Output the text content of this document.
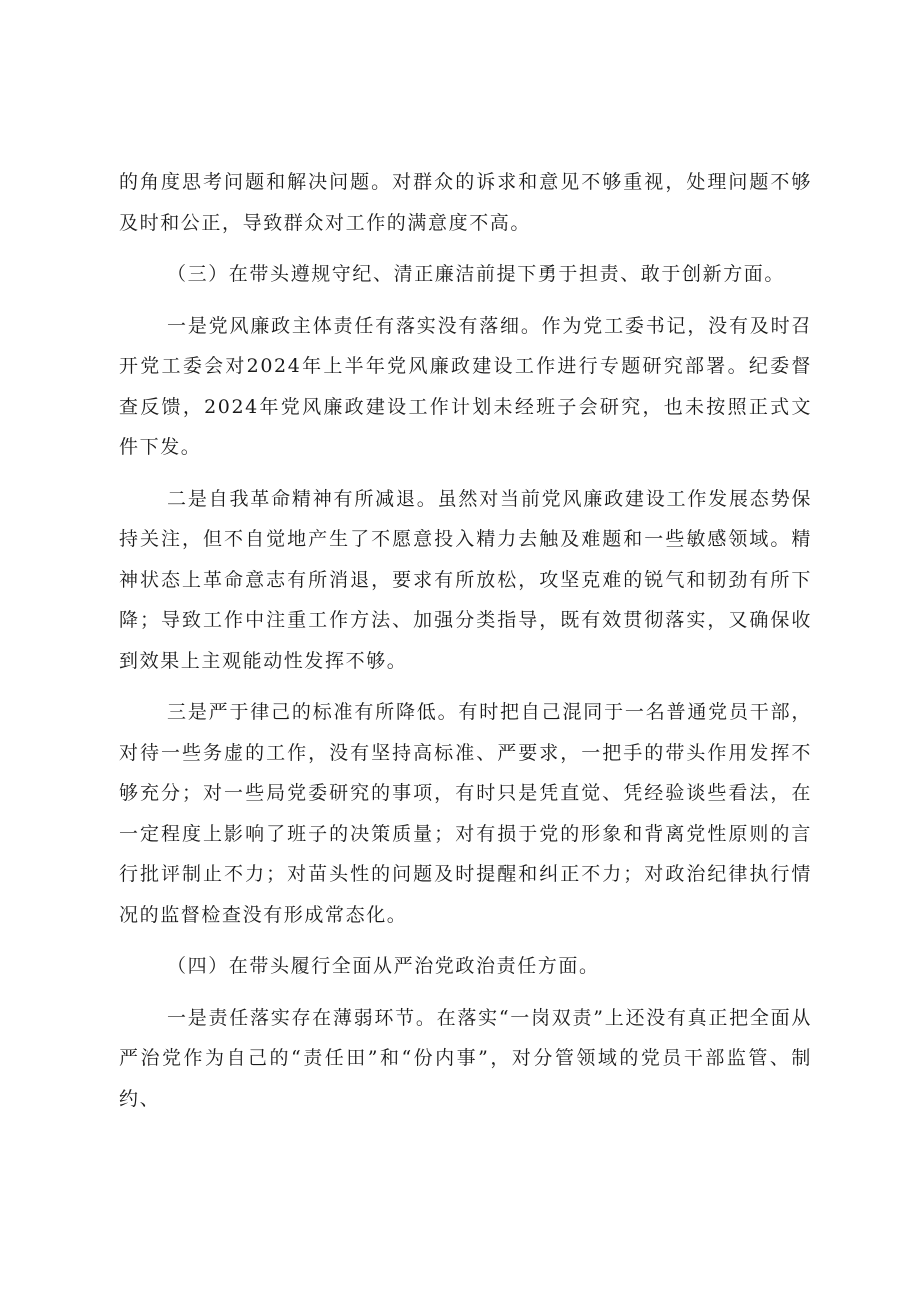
的角度思考问题和解决问题。对群众的诉求和意见不够重视，处理问题不够及时和公正，导致群众对工作的满意度不高。

（三）在带头遵规守纪、清正廉洁前提下勇于担责、敢于创新方面。

一是党风廉政主体责任有落实没有落细。作为党工委书记，没有及时召开党工委会对2024年上半年党风廉政建设工作进行专题研究部署。纪委督查反馈，2024年党风廉政建设工作计划未经班子会研究，也未按照正式文件下发。

二是自我革命精神有所减退。虽然对当前党风廉政建设工作发展态势保持关注，但不自觉地产生了不愿意投入精力去触及难题和一些敏感领域。精神状态上革命意志有所消退，要求有所放松，攻坚克难的锐气和韧劲有所下降；导致工作中注重工作方法、加强分类指导，既有效贯彻落实，又确保收到效果上主观能动性发挥不够。

三是严于律己的标准有所降低。有时把自己混同于一名普通党员干部，对待一些务虚的工作，没有坚持高标准、严要求，一把手的带头作用发挥不够充分；对一些局党委研究的事项，有时只是凭直觉、凭经验谈些看法，在一定程度上影响了班子的决策质量；对有损于党的形象和背离党性原则的言行批评制止不力；对苗头性的问题及时提醒和纠正不力；对政治纪律执行情况的监督检查没有形成常态化。

（四）在带头履行全面从严治党政治责任方面。

一是责任落实存在薄弱环节。在落实“一岗双责”上还没有真正把全面从严治党作为自己的“责任田”和“份内事”，对分管领域的党员干部监管、制约、
